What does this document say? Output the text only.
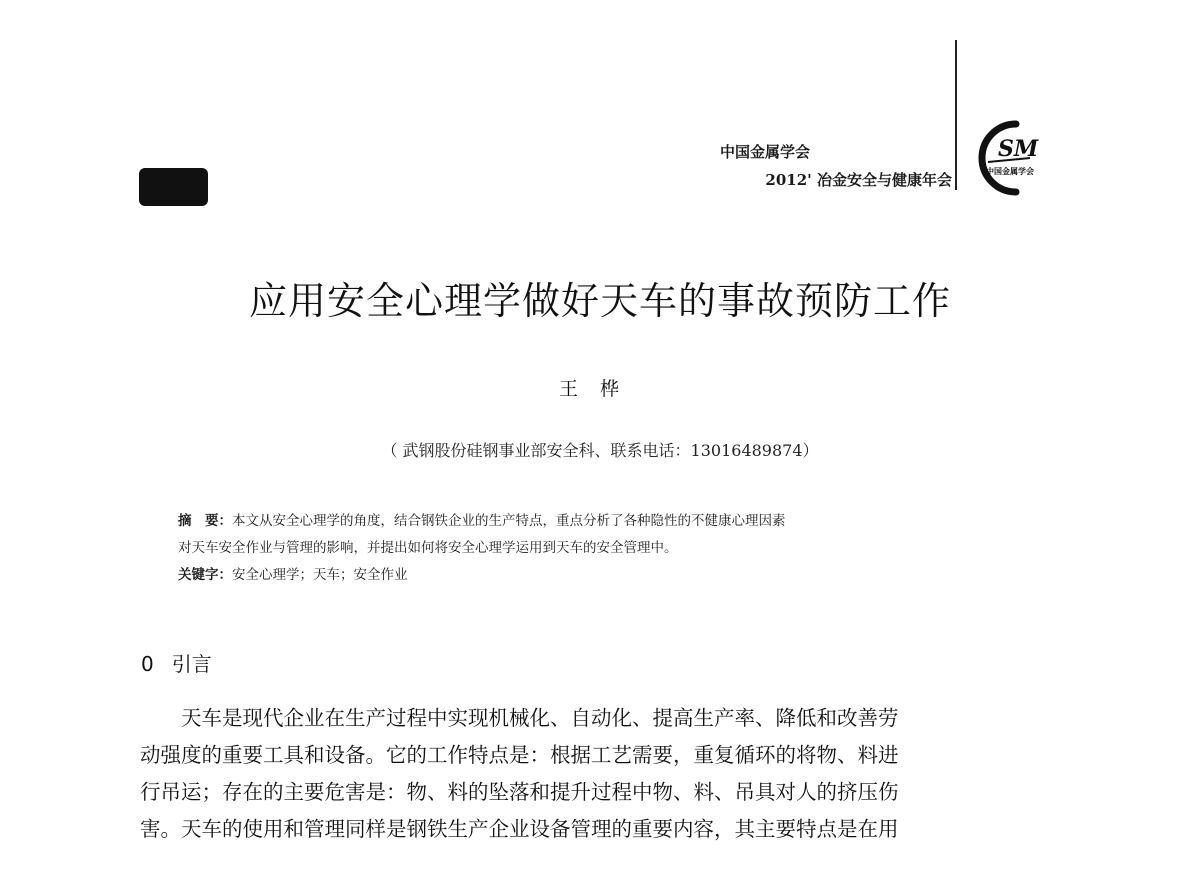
中国金属学会
2012' 冶金安全与健康年会
SM
中国金属学会
应用安全心理学做好天车的事故预防工作
王桦
（ 武钢股份硅钢事业部安全科、联系电话：13016489874）
摘　要：本文从安全心理学的角度，结合钢铁企业的生产特点，重点分析了各种隐性的不健康心理因素
对天车安全作业与管理的影响，并提出如何将安全心理学运用到天车的安全管理中。
关键字：安全心理学；天车；安全作业
0 引言
天车是现代企业在生产过程中实现机械化、自动化、提高生产率、降低和改善劳
动强度的重要工具和设备。它的工作特点是：根据工艺需要，重复循环的将物、料进
行吊运；存在的主要危害是：物、料的坠落和提升过程中物、料、吊具对人的挤压伤
害。天车的使用和管理同样是钢铁生产企业设备管理的重要内容，其主要特点是在用
